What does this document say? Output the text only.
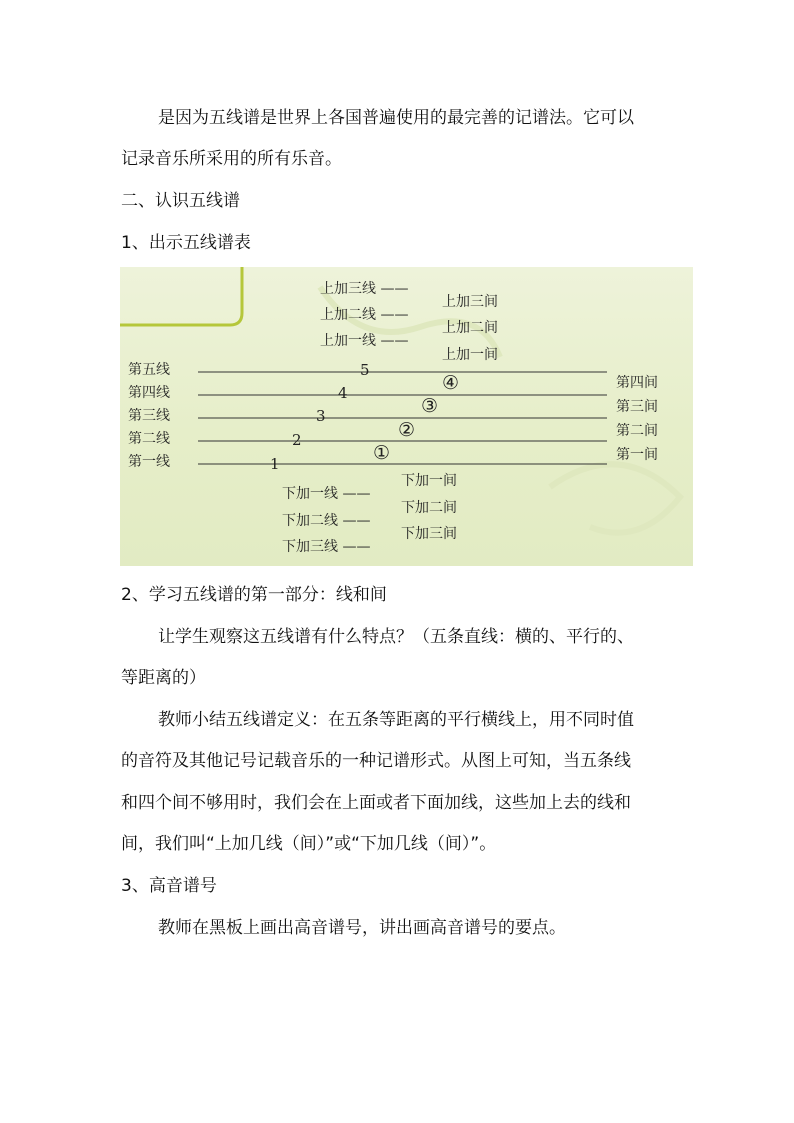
是因为五线谱是世界上各国普遍使用的最完善的记谱法。它可以
记录音乐所采用的所有乐音。
二、认识五线谱
1、出示五线谱表
上加三线 ——
上加二线 ——
上加一线 ——
上加三间
上加二间
上加一间
第五线
第四线
第三线
第二线
第一线
5
4
3
2
1
④
③
②
①
第四间
第三间
第二间
第一间
下加一线 ——
下加二线 ——
下加三线 ——
下加一间
下加二间
下加三间
2、学习五线谱的第一部分：线和间
让学生观察这五线谱有什么特点？（五条直线：横的、平行的、
等距离的）
教师小结五线谱定义：在五条等距离的平行横线上，用不同时值
的音符及其他记号记载音乐的一种记谱形式。从图上可知，当五条线
和四个间不够用时，我们会在上面或者下面加线，这些加上去的线和
间，我们叫“上加几线（间）”或“下加几线（间）”。
3、高音谱号
教师在黑板上画出高音谱号，讲出画高音谱号的要点。
